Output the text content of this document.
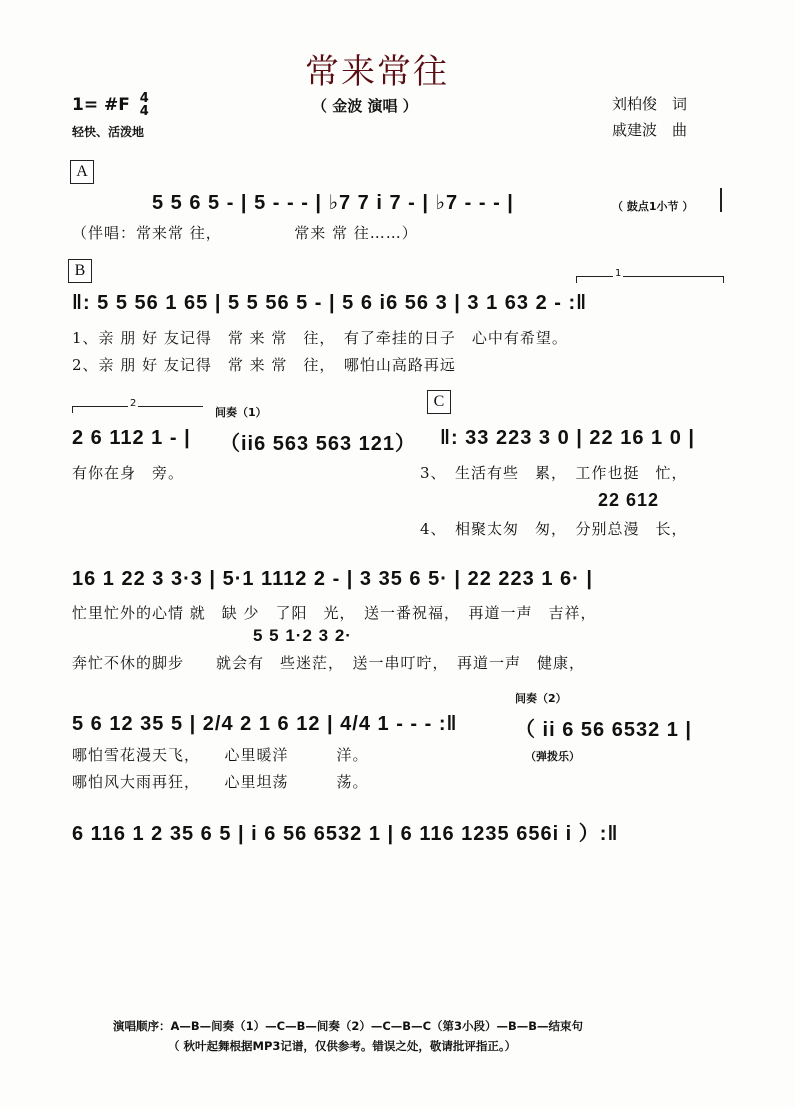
常来常往
（ 金波 演唱 ）
1= #F 4
4
轻快、活泼地
刘柏俊　词
戚建波　曲
A
5 5 6 5 - | 5 - - - | ♭7 7 i 7 - | ♭7 - - - |	（ 鼓点1小节 ）
（伴唱：常来常 往，　　　　　常来 常 往……）
B	1
‖: 5 5 56 1 65 | 5 5 56 5 - | 5 6 i6 56 3 | 3 1 63 2 - :‖
1、亲 朋 好 友记得　常 来 常　往，　有了牵挂的日子　心中有希望。
2、亲 朋 好 友记得　常 来 常　往，　哪怕山高路再远
2
间奏（1）
2 6 112 1 - | （ii6 563 563 121）
有你在身　旁。
C
‖: 33 223 3 0 | 22 16 1 0 |
3、　生活有些　累，　工作也挺　忙，
22 612
4、　相聚太匆　匆，　分别总漫　长，
16 1 22 3 3·3 | 5·1 1112 2 - | 3 35 6 5· | 22 223 1 6· |
忙里忙外的心情 就　缺 少　了阳　光，　送一番祝福，　再道一声　吉祥，
5 5 1·2 3 2·
奔忙不休的脚步　　就会有　些迷茫，　送一串叮咛，　再道一声　健康，
间奏（2）
5 6 12 35 5 | 2/4 2 1 6 12 | 4/4 1 - - - :‖	（ ii 6 56 6532 1 |
（弹拨乐）
哪怕雪花漫天飞，　　心里暖洋　　　洋。
哪怕风大雨再狂，　　心里坦荡　　　荡。
6 116 1 2 35 6 5 | i 6 56 6532 1 | 6 116 1235 656i i ）:‖
演唱顺序：A—B—间奏（1）—C—B—间奏（2）—C—B—C（第3小段）—B—B—结束句
（ 秋叶起舞根据MP3记谱，仅供参考。错误之处，敬请批评指正。）
